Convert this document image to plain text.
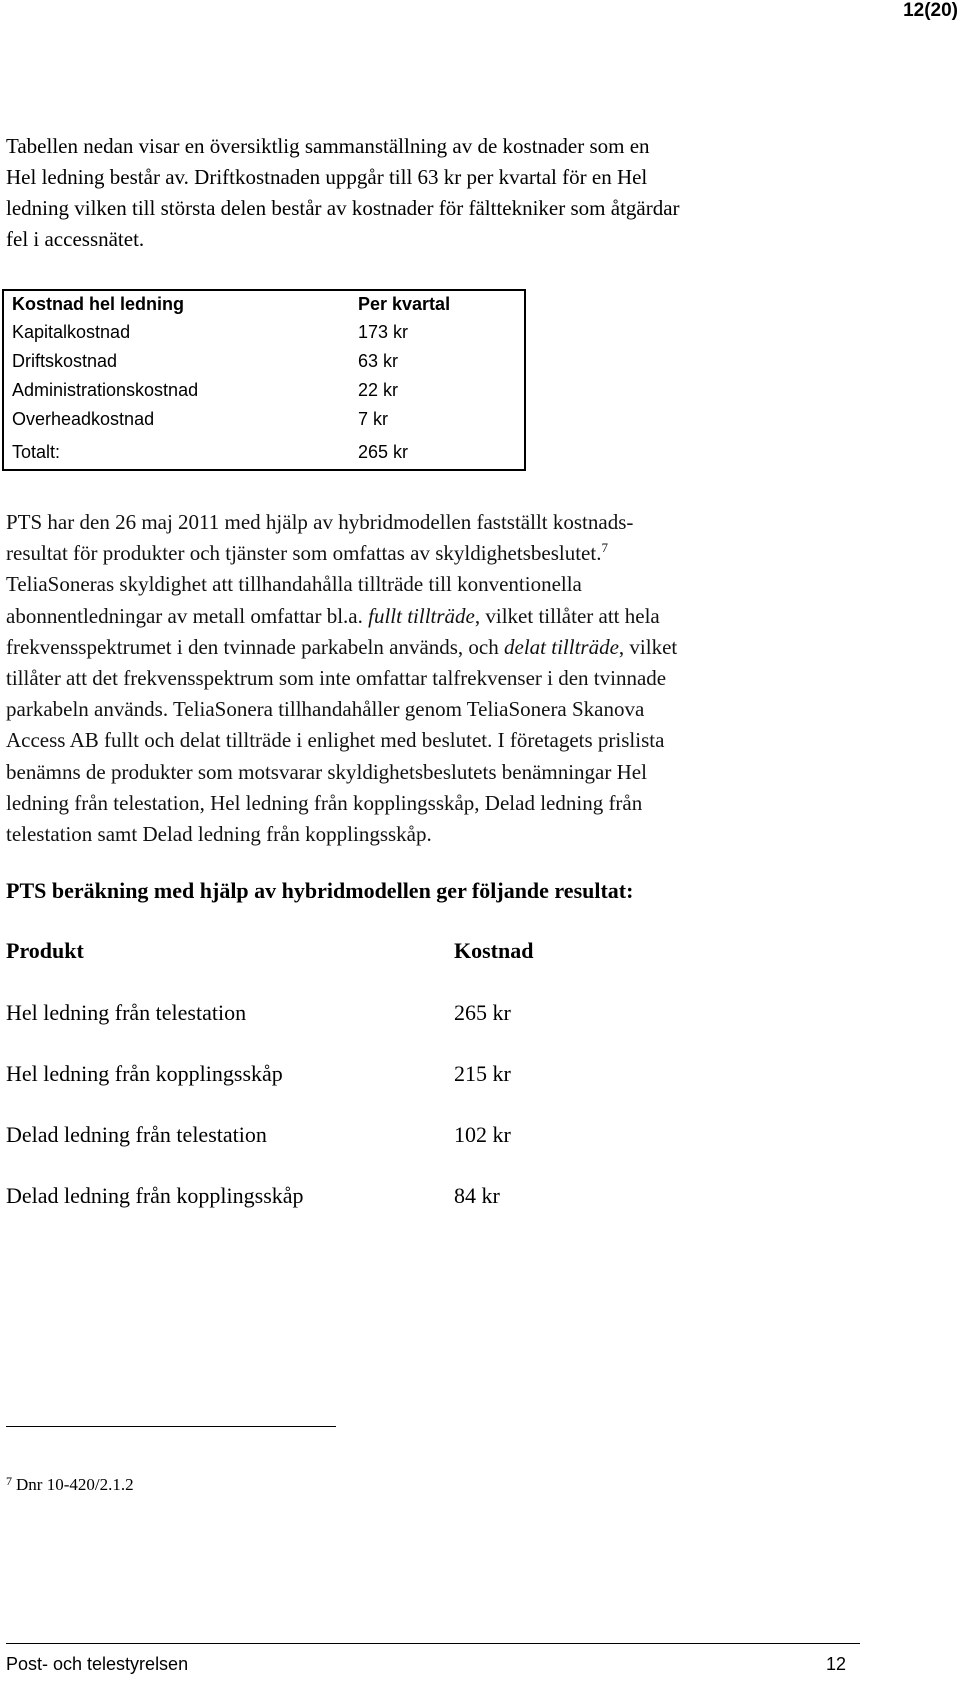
12(20)
Tabellen nedan visar en översiktlig sammanställning av de kostnader som en
Hel ledning består av. Driftkostnaden uppgår till 63 kr per kvartal för en Hel
ledning vilken till största delen består av kostnader för fälttekniker som åtgärdar
fel i accessnätet.
Kostnad hel ledning	Per kvartal
Kapitalkostnad	173 kr
Driftskostnad	63 kr
Administrationskostnad	22 kr
Overheadkostnad	7 kr
Totalt:	265 kr
PTS har den 26 maj 2011 med hjälp av hybridmodellen fastställt kostnads-
resultat för produkter och tjänster som omfattas av skyldighetsbeslutet.$^7$
TeliaSoneras skyldighet att tillhandahålla tillträde till konventionella
abonnentledningar av metall omfattar bl.a. fullt tillträde, vilket tillåter att hela
frekvensspektrumet i den tvinnade parkabeln används, och delat tillträde, vilket
tillåter att det frekvensspektrum som inte omfattar talfrekvenser i den tvinnade
parkabeln används. TeliaSonera tillhandahåller genom TeliaSonera Skanova
Access AB fullt och delat tillträde i enlighet med beslutet. I företagets prislista
benämns de produkter som motsvarar skyldighetsbeslutets benämningar Hel
ledning från telestation, Hel ledning från kopplingsskåp, Delad ledning från
telestation samt Delad ledning från kopplingsskåp.
PTS beräkning med hjälp av hybridmodellen ger följande resultat:
Produkt	Kostnad
Hel ledning från telestation	265 kr
Hel ledning från kopplingsskåp	215 kr
Delad ledning från telestation	102 kr
Delad ledning från kopplingsskåp	84 kr
$^7$ Dnr 10-420/2.1.2
Post- och telestyrelsen	12
